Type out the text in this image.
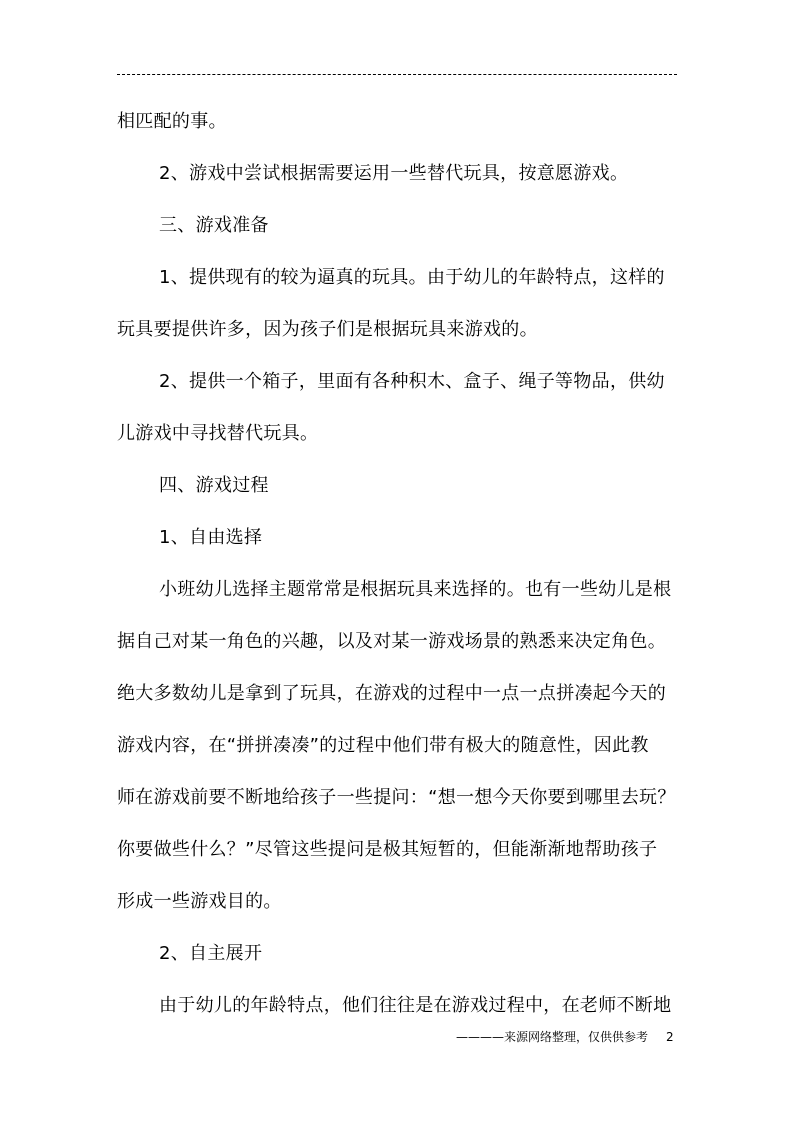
相匹配的事。
2、游戏中尝试根据需要运用一些替代玩具，按意愿游戏。
三、游戏准备
1、提供现有的较为逼真的玩具。由于幼儿的年龄特点，这样的
玩具要提供许多，因为孩子们是根据玩具来游戏的。
2、提供一个箱子，里面有各种积木、盒子、绳子等物品，供幼
儿游戏中寻找替代玩具。
四、游戏过程
1、自由选择
小班幼儿选择主题常常是根据玩具来选择的。也有一些幼儿是根
据自己对某一角色的兴趣，以及对某一游戏场景的熟悉来决定角色。
绝大多数幼儿是拿到了玩具，在游戏的过程中一点一点拼凑起今天的
游戏内容，在“拼拼凑凑”的过程中他们带有极大的随意性，因此教
师在游戏前要不断地给孩子一些提问：“想一想今天你要到哪里去玩？
你要做些什么？”尽管这些提问是极其短暂的，但能渐渐地帮助孩子
形成一些游戏目的。
2、自主展开
由于幼儿的年龄特点，他们往往是在游戏过程中，在老师不断地
————来源网络整理，仅供供参考 2
